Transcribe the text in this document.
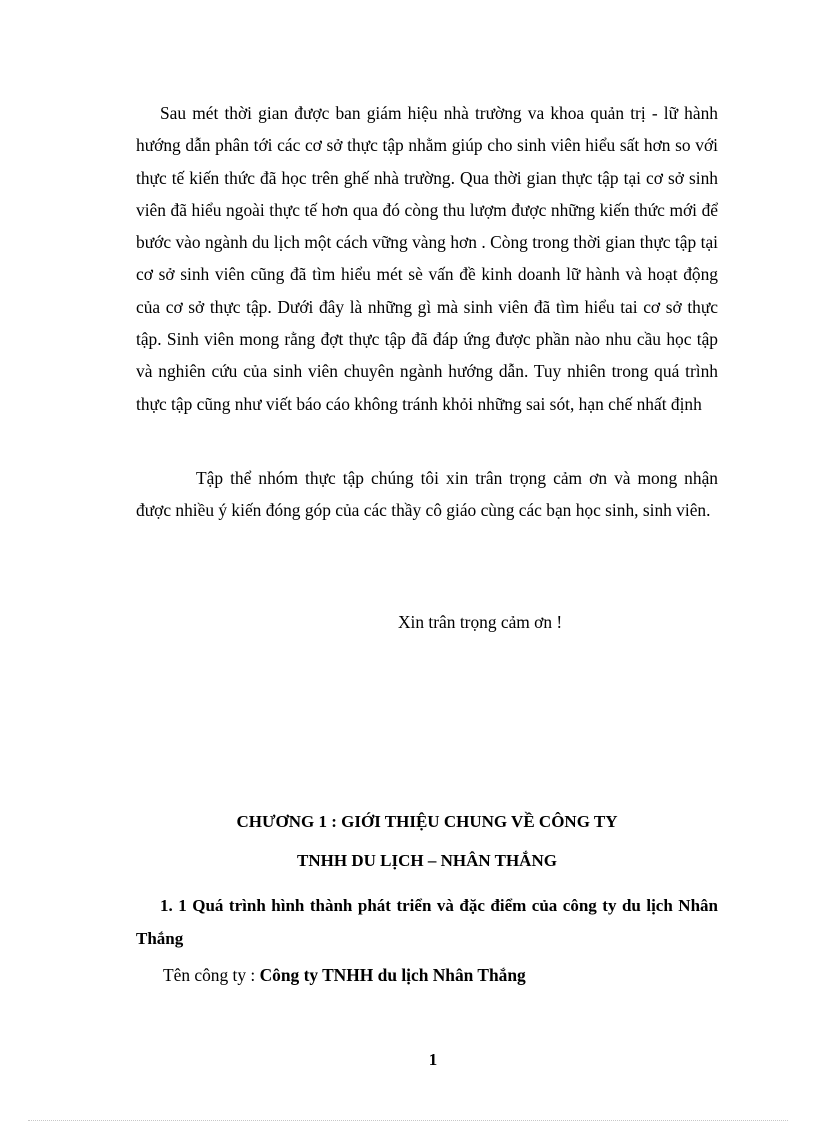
Sau mét thời gian được ban giám hiệu nhà trường va khoa quản trị - lữ hành hướng dẫn phân tới các cơ sở thực tập nhằm giúp cho sinh viên hiểu sất hơn so với thực tế kiến thức đã học trên ghế nhà trường. Qua thời gian thực tập tại cơ sở sinh viên đã hiểu ngoài thực tế hơn qua đó còng thu lượm được những kiến thức mới để bước vào ngành du lịch một cách vững vàng hơn . Còng trong thời gian thực tập tại cơ sở sinh viên cũng đã tìm hiểu mét sè vấn đề kinh doanh lữ hành và hoạt động của cơ sở thực tập. Dưới đây là những gì mà sinh viên đã tìm hiểu tai cơ sở thực tập. Sinh viên mong rằng đợt thực tập đã đáp ứng được phần nào nhu cầu học tập và nghiên cứu của sinh viên chuyên ngành hướng dẫn. Tuy nhiên trong quá trình thực tập cũng như viết báo cáo không tránh khỏi những sai sót, hạn chế nhất định

Tập thể nhóm thực tập chúng tôi xin trân trọng cảm ơn và mong nhận được nhiều ý kiến đóng góp của các thầy cô giáo cùng các bạn học sinh, sinh viên.

Xin trân trọng cảm ơn !

CHƯƠNG 1 : GIỚI THIỆU CHUNG VỀ CÔNG TY

TNHH DU LỊCH – NHÂN THẮNG

1. 1 Quá trình hình thành phát triển và đặc điểm của công ty du lịch Nhân Thắng

Tên công ty : Công ty TNHH du lịch Nhân Thắng

1
